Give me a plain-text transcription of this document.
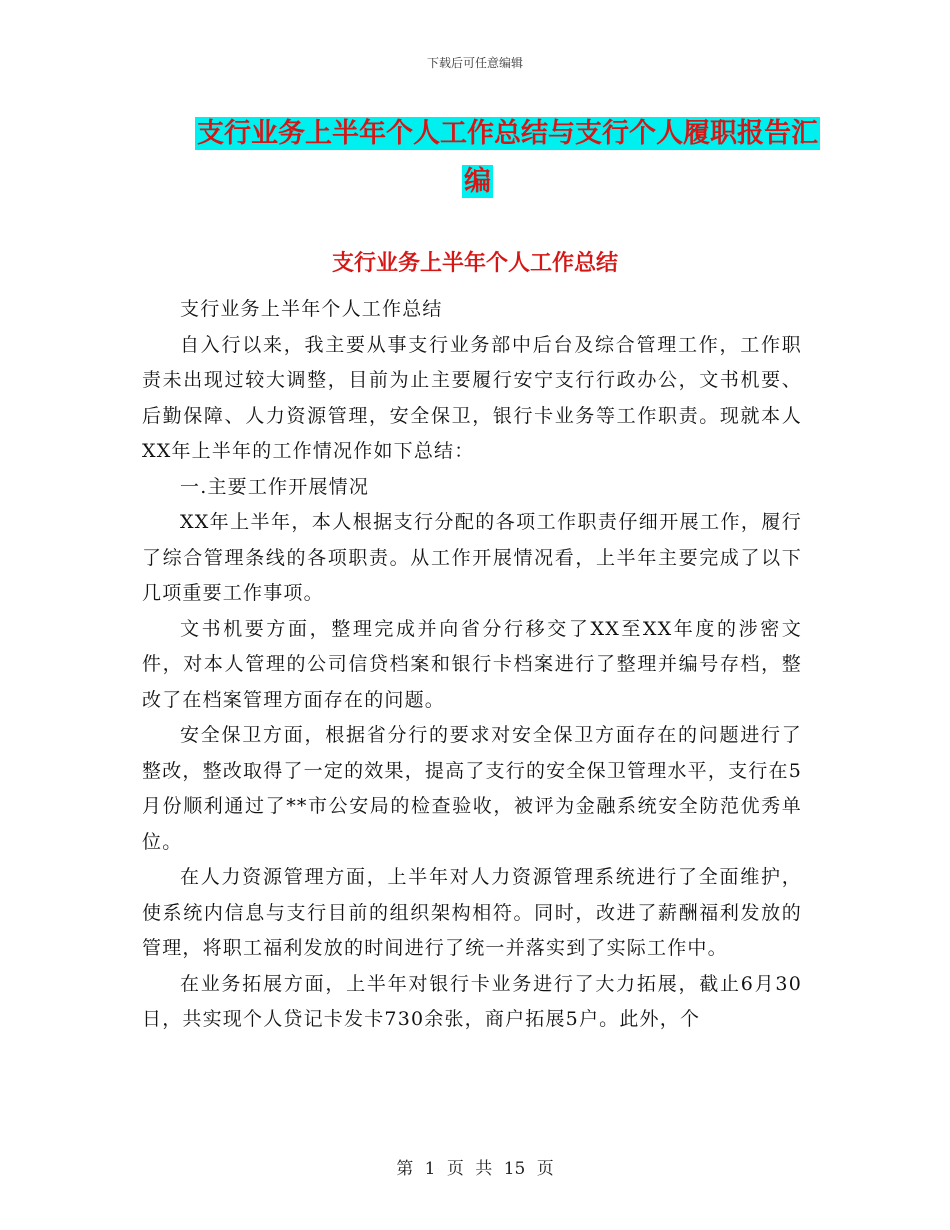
下载后可任意编辑
支行业务上半年个人工作总结与支行个人履职报告汇
编
支行业务上半年个人工作总结

支行业务上半年个人工作总结

自入行以来，我主要从事支行业务部中后台及综合管理工作，工作职责未出现过较大调整，目前为止主要履行安宁支行行政办公，文书机要、后勤保障、人力资源管理，安全保卫，银行卡业务等工作职责。现就本人XX年上半年的工作情况作如下总结：

一.主要工作开展情况

XX年上半年，本人根据支行分配的各项工作职责仔细开展工作，履行了综合管理条线的各项职责。从工作开展情况看，上半年主要完成了以下几项重要工作事项。

文书机要方面，整理完成并向省分行移交了XX至XX年度的涉密文件，对本人管理的公司信贷档案和银行卡档案进行了整理并编号存档，整改了在档案管理方面存在的问题。

安全保卫方面，根据省分行的要求对安全保卫方面存在的问题进行了整改，整改取得了一定的效果，提高了支行的安全保卫管理水平，支行在5月份顺利通过了**市公安局的检查验收，被评为金融系统安全防范优秀单位。

在人力资源管理方面，上半年对人力资源管理系统进行了全面维护，使系统内信息与支行目前的组织架构相符。同时，改进了薪酬福利发放的管理，将职工福利发放的时间进行了统一并落实到了实际工作中。

在业务拓展方面，上半年对银行卡业务进行了大力拓展，截止6月30日，共实现个人贷记卡发卡730余张，商户拓展5户。此外，个

第 1 页 共 15 页
